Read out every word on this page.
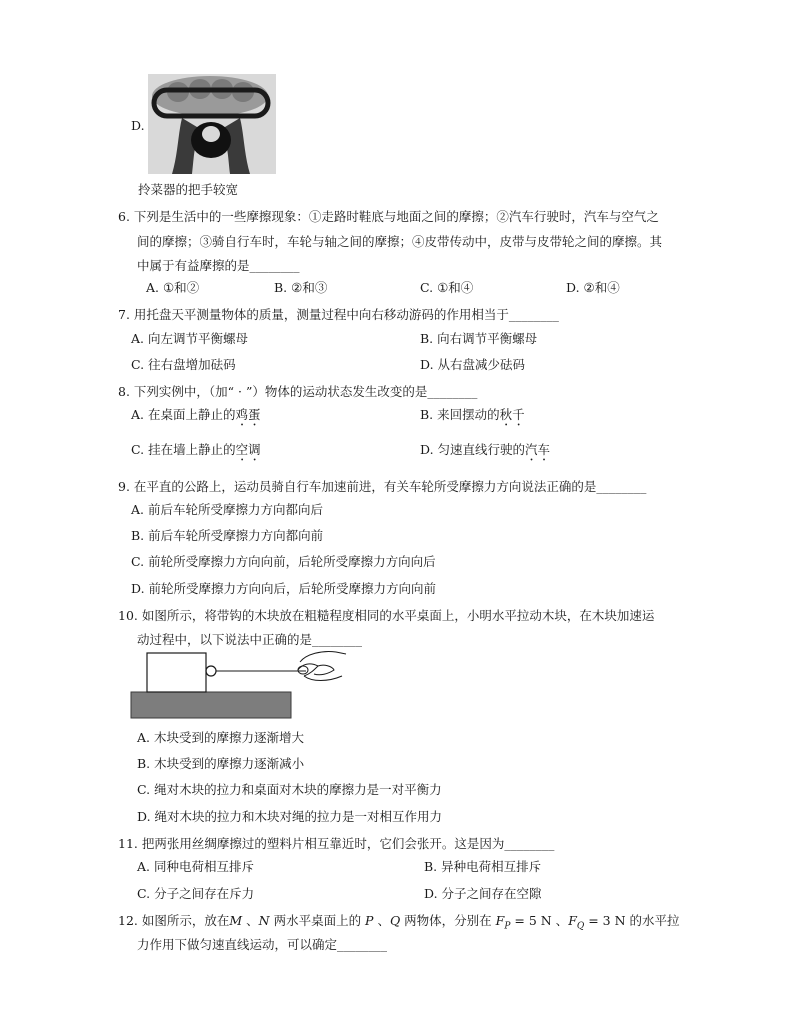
D.
拎菜器的把手较宽
6. 下列是生活中的一些摩擦现象：①走路时鞋底与地面之间的摩擦；②汽车行驶时，汽车与空气之
间的摩擦；③骑自行车时，车轮与轴之间的摩擦；④皮带传动中，皮带与皮带轮之间的摩擦。其
中属于有益摩擦的是________
A. ①和②	B. ②和③	C. ①和④	D. ②和④
7. 用托盘天平测量物体的质量，测量过程中向右移动游码的作用相当于________
A. 向左调节平衡螺母	B. 向右调节平衡螺母
C. 往右盘增加砝码	D. 从右盘减少砝码
8. 下列实例中，（加“ · ”）物体的运动状态发生改变的是________
A. 在桌面上静止的鸡蛋	B. 来回摆动的秋千
C. 挂在墙上静止的空调	D. 匀速直线行驶的汽车
9. 在平直的公路上，运动员骑自行车加速前进，有关车轮所受摩擦力方向说法正确的是________
A. 前后车轮所受摩擦力方向都向后
B. 前后车轮所受摩擦力方向都向前
C. 前轮所受摩擦力方向向前，后轮所受摩擦力方向向后
D. 前轮所受摩擦力方向向后，后轮所受摩擦力方向向前
10. 如图所示，将带钩的木块放在粗糙程度相同的水平桌面上，小明水平拉动木块，在木块加速运
动过程中，以下说法中正确的是________
A. 木块受到的摩擦力逐渐增大
B. 木块受到的摩擦力逐渐减小
C. 绳对木块的拉力和桌面对木块的摩擦力是一对平衡力
D. 绳对木块的拉力和木块对绳的拉力是一对相互作用力
11. 把两张用丝绸摩擦过的塑料片相互靠近时，它们会张开。这是因为________
A. 同种电荷相互排斥	B. 异种电荷相互排斥
C. 分子之间存在斥力	D. 分子之间存在空隙
12. 如图所示，放在M 、N 两水平桌面上的 P 、Q 两物体，分别在 $F_P = 5$ N 、$F_Q = 3$ N 的水平拉
力作用下做匀速直线运动，可以确定________
